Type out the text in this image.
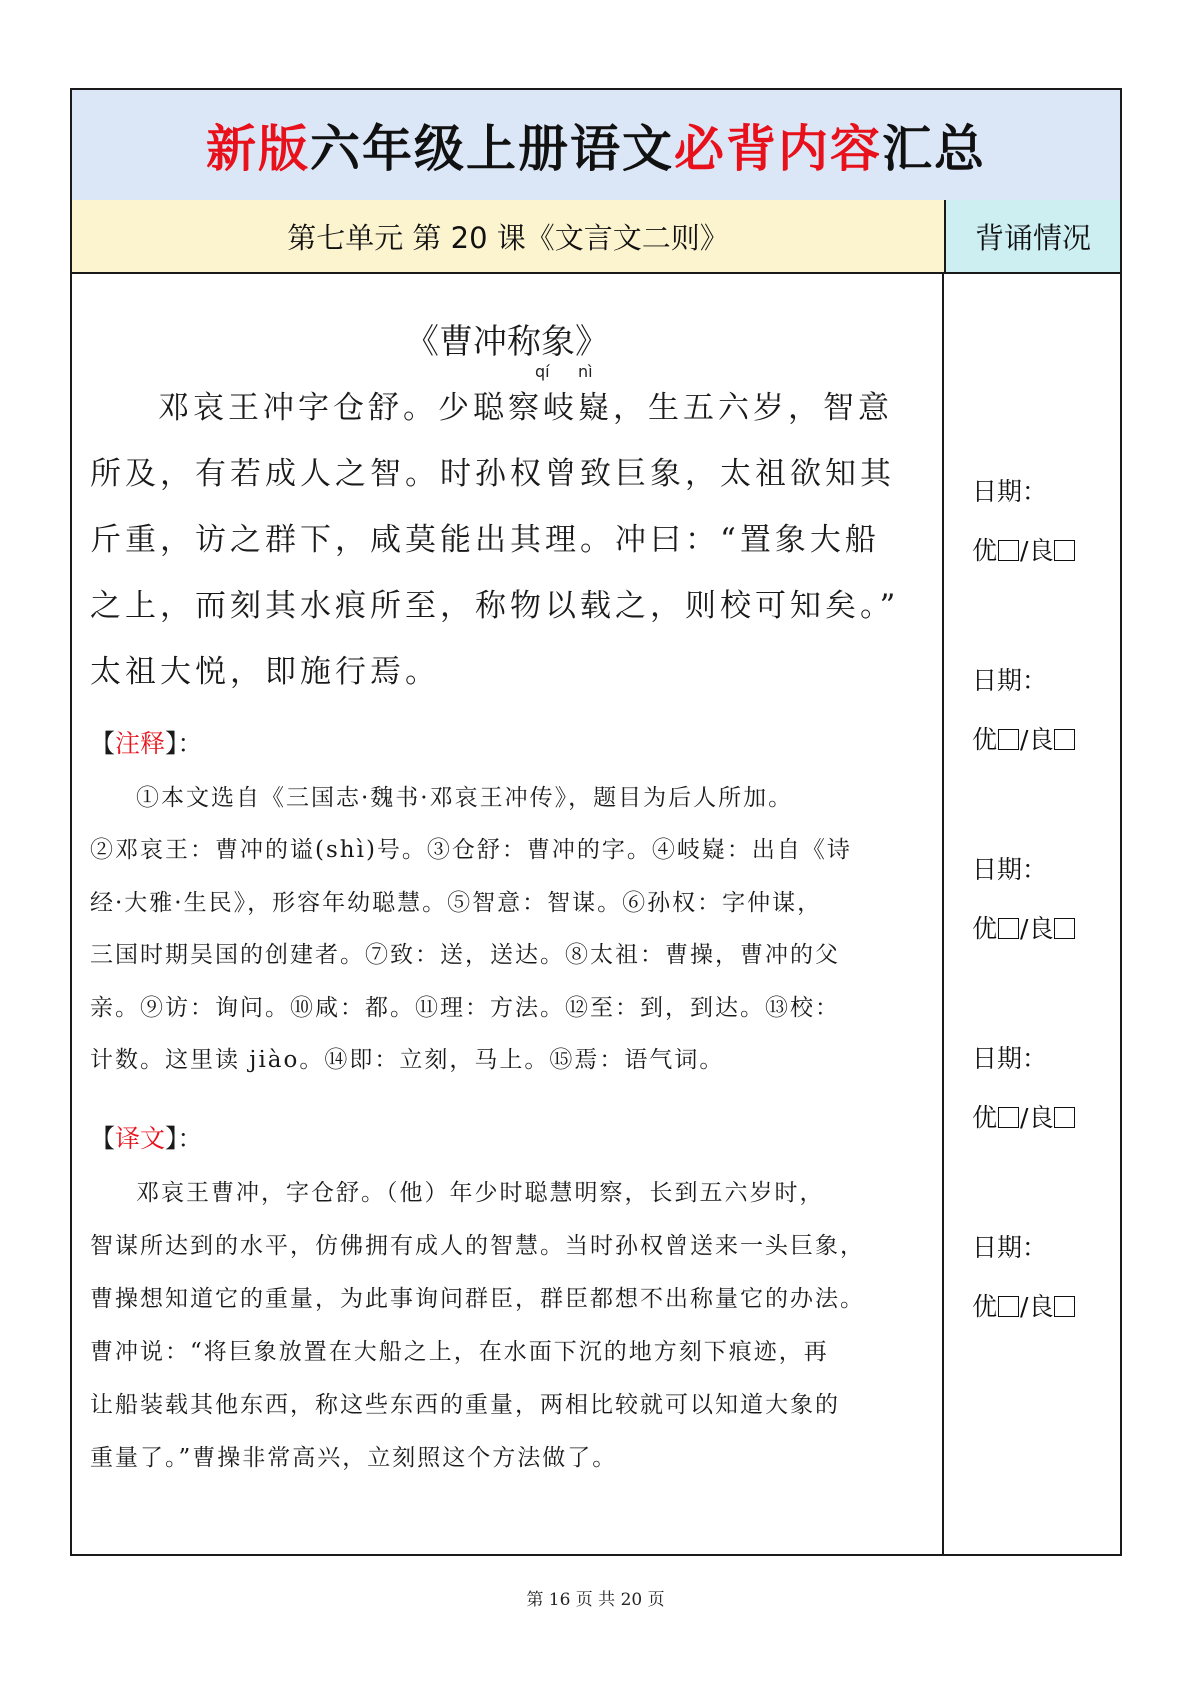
新版 六年级上册语文 必背内容 汇总
第七单元 第 20 课《文言文二则》	背诵情况
《曹冲称象》
qí nì
邓哀王冲字仓舒。少聪察岐嶷，生五六岁，智意
所及，有若成人之智。时孙权曾致巨象，太祖欲知其
斤重，访之群下，咸莫能出其理。冲曰：“置象大船
之上，而刻其水痕所至，称物以载之，则校可知矣。”
太祖大悦，即施行焉。
【注释】：
①本文选自《三国志·魏书·邓哀王冲传》，题目为后人所加。
②邓哀王：曹冲的谥(shì)号。③仓舒：曹冲的字。④岐嶷：出自《诗
经·大雅·生民》，形容年幼聪慧。⑤智意：智谋。⑥孙权：字仲谋，
三国时期吴国的创建者。⑦致：送，送达。⑧太祖：曹操，曹冲的父
亲。⑨访：询问。⑩咸：都。⑪理：方法。⑫至：到，到达。⑬校：
计数。这里读 jiào。⑭即：立刻，马上。⑮焉：语气词。
【译文】：
邓哀王曹冲，字仓舒。（他）年少时聪慧明察，长到五六岁时，
智谋所达到的水平，仿佛拥有成人的智慧。当时孙权曾送来一头巨象，
曹操想知道它的重量，为此事询问群臣，群臣都想不出称量它的办法。
曹冲说：“将巨象放置在大船之上，在水面下沉的地方刻下痕迹，再
让船装载其他东西，称这些东西的重量，两相比较就可以知道大象的
重量了。”曹操非常高兴，立刻照这个方法做了。
日期：
优 /良
日期：
优 /良
日期：
优 /良
日期：
优 /良
日期：
优 /良
第 16 页 共 20 页
